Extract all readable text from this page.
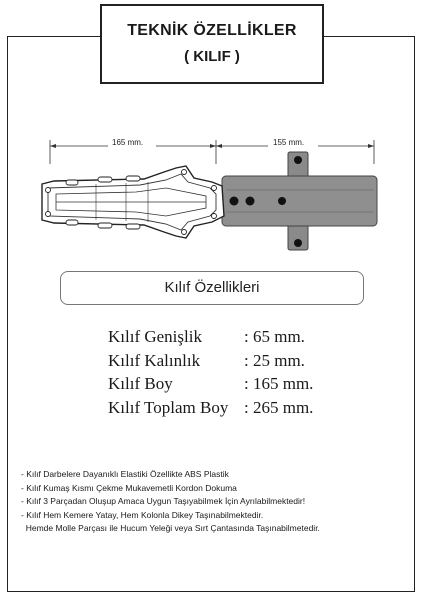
TEKNİK ÖZELLİKLER
( KILIF )
165 mm.	155 mm.
Kılıf Özellikleri
Kılıf Genişlik : 65 mm.
Kılıf Kalınlık	: 25 mm.
Kılıf Boy	: 165 mm.
Kılıf Toplam Boy : 265 mm.
- Kılıf Darbelere Dayanıklı Elastiki Özellikte ABS Plastik
- Kılıf Kumaş Kısmı Çekme Mukavemetli Kordon Dokuma
- Kılıf 3 Parçadan Oluşup Amaca Uygun Taşıyabilmek İçin Ayrılabilmektedir!
- Kılıf Hem Kemere Yatay, Hem Kolonla Dikey Taşınabilmektedir.
Hemde Molle Parçası ile Hucum Yeleği veya Sırt Çantasında Taşınabilmetedir.
